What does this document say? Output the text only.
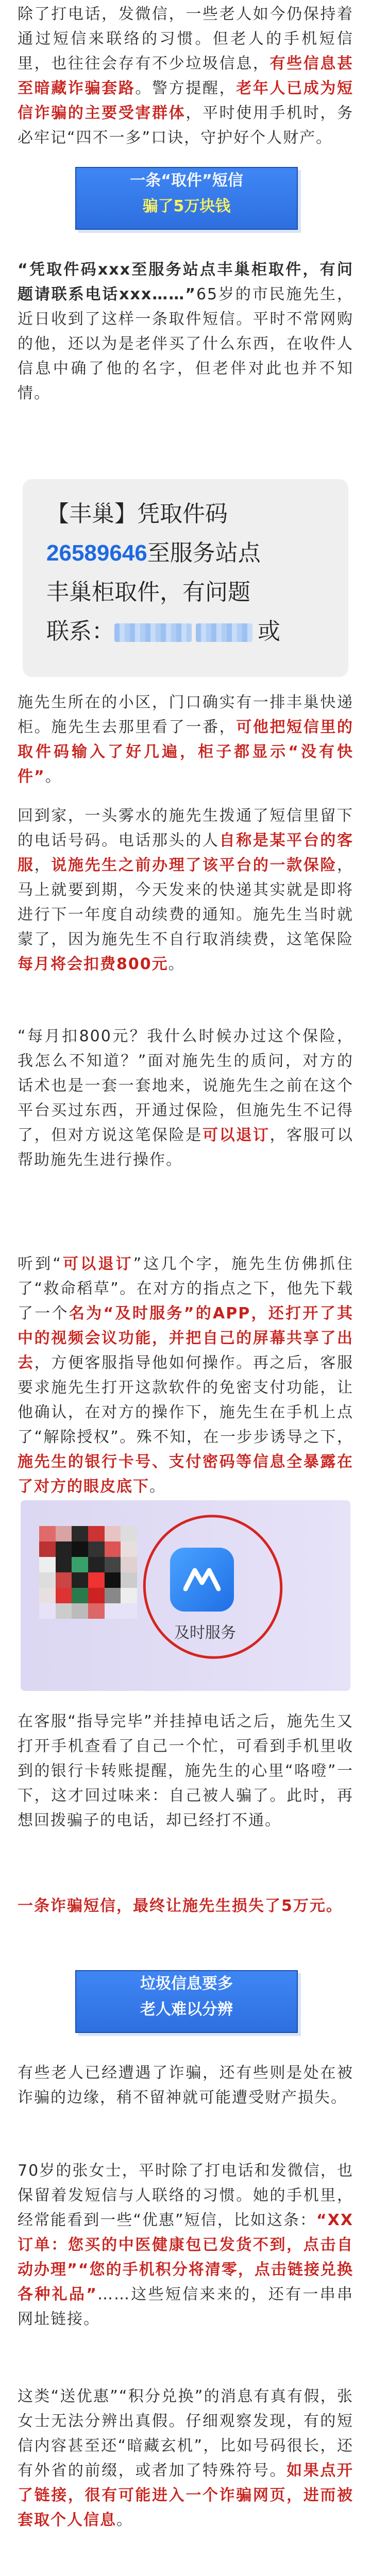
除了打电话，发微信，一些老人如今仍保持着通过短信来联络的习惯。但老人的手机短信里，也往往会存有不少垃圾信息，有些信息甚至暗藏诈骗套路。警方提醒，老年人已成为短信诈骗的主要受害群体，平时使用手机时，务必牢记“四不一多”口诀，守护好个人财产。

一条“取件”短信
骗了5万块钱

“凭取件码xxx至服务站点丰巢柜取件，有问题请联系电话xxx……”65岁的市民施先生，近日收到了这样一条取件短信。平时不常网购的他，还以为是老伴买了什么东西，在收件人信息中确了他的名字，但老伴对此也并不知情。

【丰巢】凭取件码
26589646至服务站点
丰巢柜取件，有问题
联系：	或

施先生所在的小区，门口确实有一排丰巢快递柜。施先生去那里看了一番，可他把短信里的取件码输入了好几遍，柜子都显示“没有快件”。

回到家，一头雾水的施先生拨通了短信里留下的电话号码。电话那头的人自称是某平台的客服，说施先生之前办理了该平台的一款保险，马上就要到期，今天发来的快递其实就是即将进行下一年度自动续费的通知。施先生当时就蒙了，因为施先生不自行取消续费，这笔保险每月将会扣费800元。

“每月扣800元？我什么时候办过这个保险，我怎么不知道？”面对施先生的质问，对方的话术也是一套一套地来，说施先生之前在这个平台买过东西，开通过保险，但施先生不记得了，但对方说这笔保险是可以退订，客服可以帮助施先生进行操作。

听到“可以退订”这几个字，施先生仿佛抓住了“救命稻草”。在对方的指点之下，他先下载了一个名为“及时服务”的APP，还打开了其中的视频会议功能，并把自己的屏幕共享了出去，方便客服指导他如何操作。再之后，客服要求施先生打开这款软件的免密支付功能，让他确认，在对方的操作下，施先生在手机上点了“解除授权”。殊不知，在一步步诱导之下，施先生的银行卡号、支付密码等信息全暴露在了对方的眼皮底下。

及时服务

在客服“指导完毕”并挂掉电话之后，施先生又打开手机查看了自己一个忙，可看到手机里收到的银行卡转账提醒，施先生的心里“咯噔”一下，这才回过味来：自己被人骗了。此时，再想回拨骗子的电话，却已经打不通。

一条诈骗短信，最终让施先生损失了5万元。

垃圾信息要多
老人难以分辨

有些老人已经遭遇了诈骗，还有些则是处在被诈骗的边缘，稍不留神就可能遭受财产损失。

70岁的张女士，平时除了打电话和发微信，也保留着发短信与人联络的习惯。她的手机里，经常能看到一些“优惠”短信，比如这条：“XX订单：您买的中医健康包已发货不到，点击自动办理”“您的手机积分将清零，点击链接兑换各种礼品”……这些短信来来的，还有一串串网址链接。

这类“送优惠”“积分兑换”的消息有真有假，张女士无法分辨出真假。仔细观察发现，有的短信内容甚至还“暗藏玄机”，比如号码很长，还有外省的前缀，或者加了特殊符号。如果点开了链接，很有可能进入一个诈骗网页，进而被套取个人信息。
